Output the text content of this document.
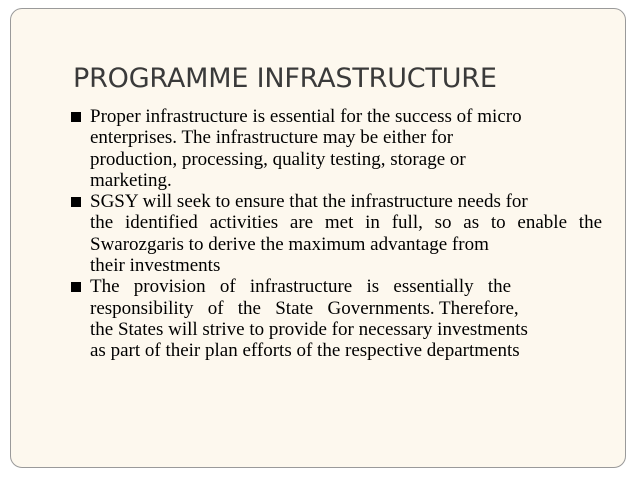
PROGRAMME INFRASTRUCTURE
Proper infrastructure is essential for the success of micro
enterprises. The infrastructure may be either for
production, processing, quality testing, storage or
marketing.
SGSY will seek to ensure that the infrastructure needs for
the identified activities are met in full, so as to enable the
Swarozgaris to derive the maximum advantage from
their investments
The   provision   of   infrastructure   is   essentially   the
responsibility   of   the   State   Governments. Therefore,
the States will strive to provide for necessary investments
as part of their plan efforts of the respective departments
